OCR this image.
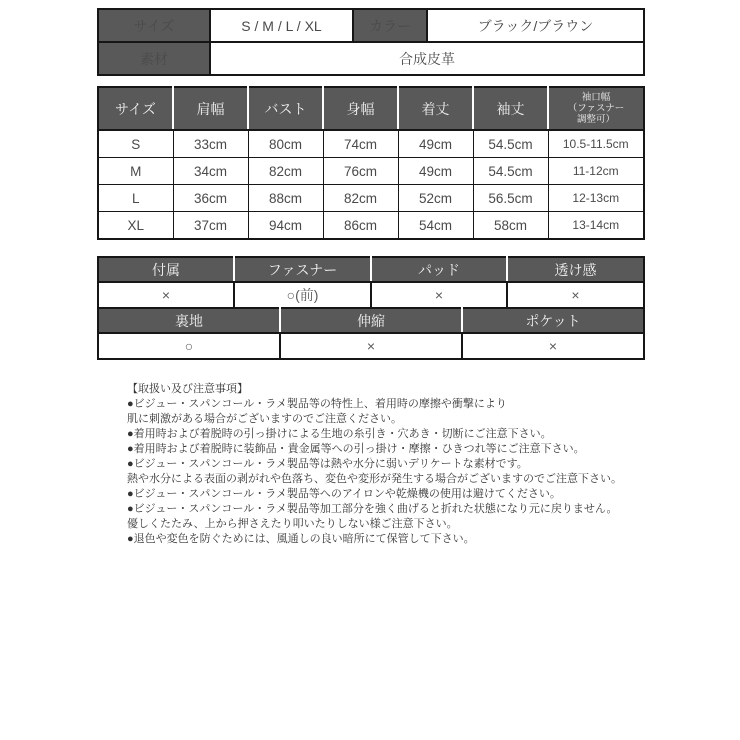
サイズ	S / M / L / XL	カラー	ブラック/ブラウン
素材	合成皮革		
サイズ	肩幅	バスト	身幅	着丈	袖丈	袖口幅
（ファスナー
調整可）
S	33cm	80cm	74cm	49cm	54.5cm	10.5-11.5cm
M	34cm	82cm	76cm	49cm	54.5cm	11-12cm
L	36cm	88cm	82cm	52cm	56.5cm	12-13cm
XL	37cm	94cm	86cm	54cm	58cm	13-14cm
付属	ファスナー	パッド	透け感
×	○(前)	×	×
裏地	伸縮	ポケット
○	×	×
【取扱い及び注意事項】
●ビジュー・スパンコール・ラメ製品等の特性上、着用時の摩擦や衝撃により
肌に刺激がある場合がございますのでご注意ください。
●着用時および着脱時の引っ掛けによる生地の糸引き・穴あき・切断にご注意下さい。
●着用時および着脱時に装飾品・貴金属等への引っ掛け・摩擦・ひきつれ等にご注意下さい。
●ビジュー・スパンコール・ラメ製品等は熱や水分に弱いデリケートな素材です。
熱や水分による表面の剥がれや色落ち、変色や変形が発生する場合がございますのでご注意下さい。
●ビジュー・スパンコール・ラメ製品等へのアイロンや乾燥機の使用は避けてください。
●ビジュー・スパンコール・ラメ製品等加工部分を強く曲げると折れた状態になり元に戻りません。
優しくたたみ、上から押さえたり叩いたりしない様ご注意下さい。
●退色や変色を防ぐためには、風通しの良い暗所にて保管して下さい。
